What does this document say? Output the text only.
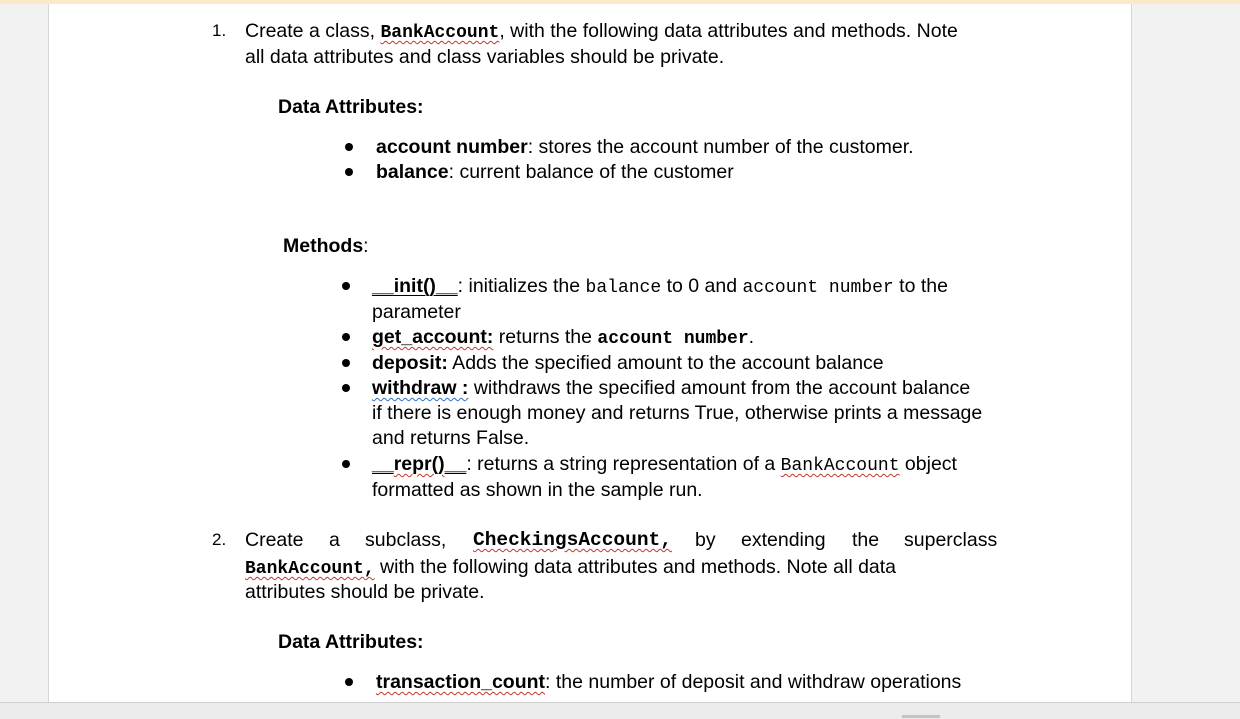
1. Create a class, BankAccount, with the following data attributes and methods. Note
all data attributes and class variables should be private.
Data Attributes:
account number: stores the account number of the customer.
balance: current balance of the customer
Methods:
__init()__: initializes the balance to 0 and account number to the
parameter
get_account: returns the account number.
deposit: Adds the specified amount to the account balance
withdraw : withdraws the specified amount from the account balance
if there is enough money and returns True, otherwise prints a message
and returns False.
__repr()__: returns a string representation of a BankAccount object
formatted as shown in the sample run.
2. Create a subclass, CheckingsAccount, by extending the superclass
BankAccount, with the following data attributes and methods. Note all data
attributes should be private.
Data Attributes:
transaction_count: the number of deposit and withdraw operations
